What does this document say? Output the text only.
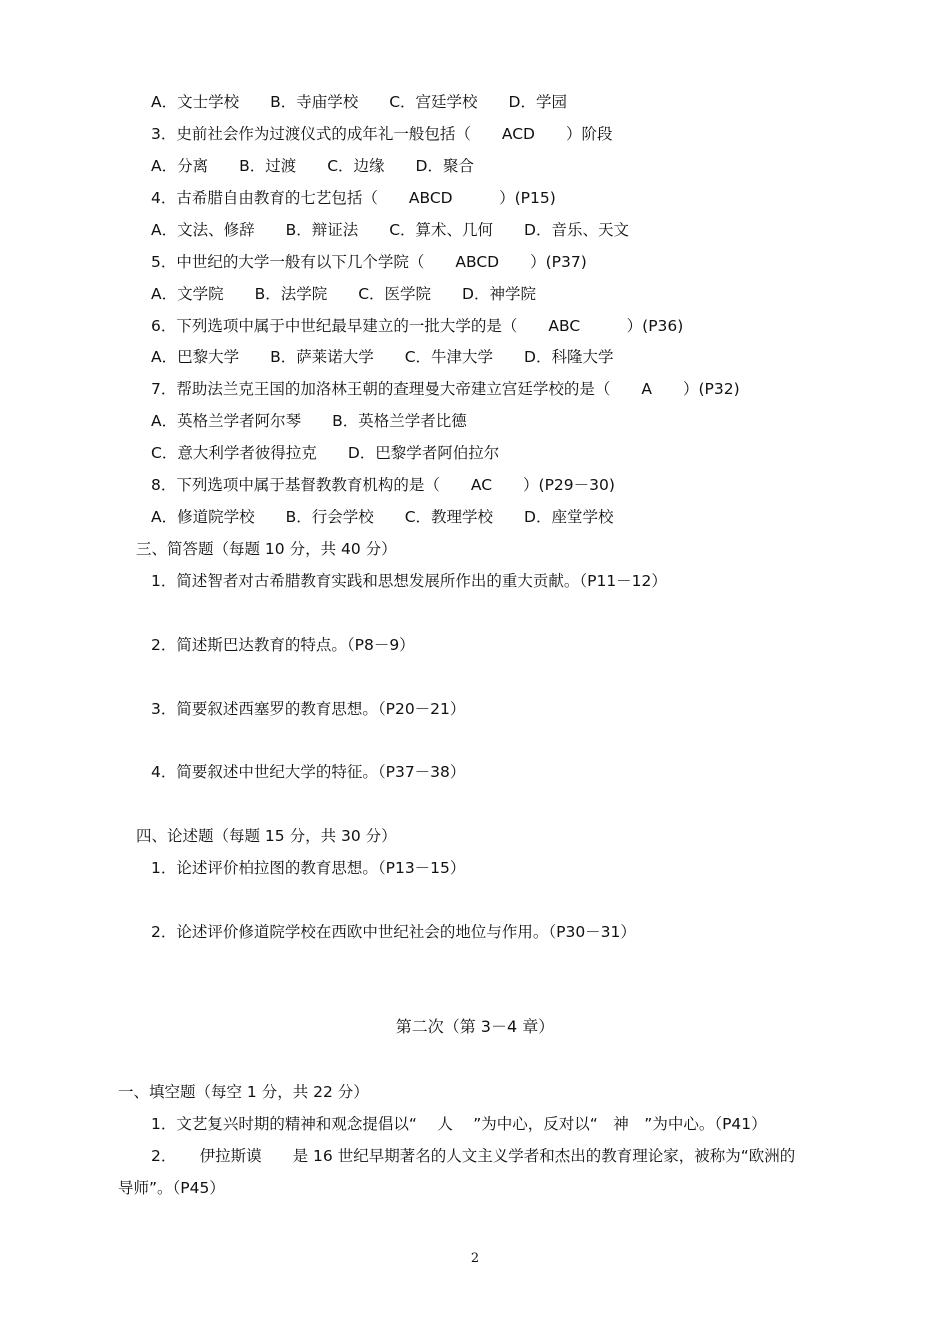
A．文士学校　　B．寺庙学校　　C．宫廷学校　　D．学园
3．史前社会作为过渡仪式的成年礼一般包括（　　ACD　　）阶段
A．分离　　B．过渡　　C．边缘　　D．聚合
4．古希腊自由教育的七艺包括（　　ABCD　　　）(P15)
A．文法、修辞　　B．辩证法　　C．算术、几何　　D．音乐、天文
5．中世纪的大学一般有以下几个学院（　　ABCD　　）(P37)
A．文学院　　B．法学院　　C．医学院　　D．神学院
6．下列选项中属于中世纪最早建立的一批大学的是（　　ABC　　　）(P36)
A．巴黎大学　　B．萨莱诺大学　　C．牛津大学　　D．科隆大学
7．帮助法兰克王国的加洛林王朝的查理曼大帝建立宫廷学校的是（　　A　　）(P32)
A．英格兰学者阿尔琴　　B．英格兰学者比德
C．意大利学者彼得拉克　　D．巴黎学者阿伯拉尔
8．下列选项中属于基督教教育机构的是（　　AC　　）(P29－30)
A．修道院学校　　B．行会学校　　C．教理学校　　D．座堂学校
三、简答题（每题 10 分，共 40 分）
1．简述智者对古希腊教育实践和思想发展所作出的重大贡献。（P11－12）
2．简述斯巴达教育的特点。（P8－9）
3．简要叙述西塞罗的教育思想。（P20－21）
4．简要叙述中世纪大学的特征。（P37－38）
四、论述题（每题 15 分，共 30 分）
1．论述评价柏拉图的教育思想。（P13－15）
2．论述评价修道院学校在西欧中世纪社会的地位与作用。（P30－31）
第二次（第 3－4 章）
一、填空题（每空 1 分，共 22 分）
1．文艺复兴时期的精神和观念提倡以“　 人　 ”为中心，反对以“　神　”为中心。（P41）
2．　　伊拉斯谟　　是 16 世纪早期著名的人文主义学者和杰出的教育理论家，被称为“欧洲的
导师”。（P45）
2
